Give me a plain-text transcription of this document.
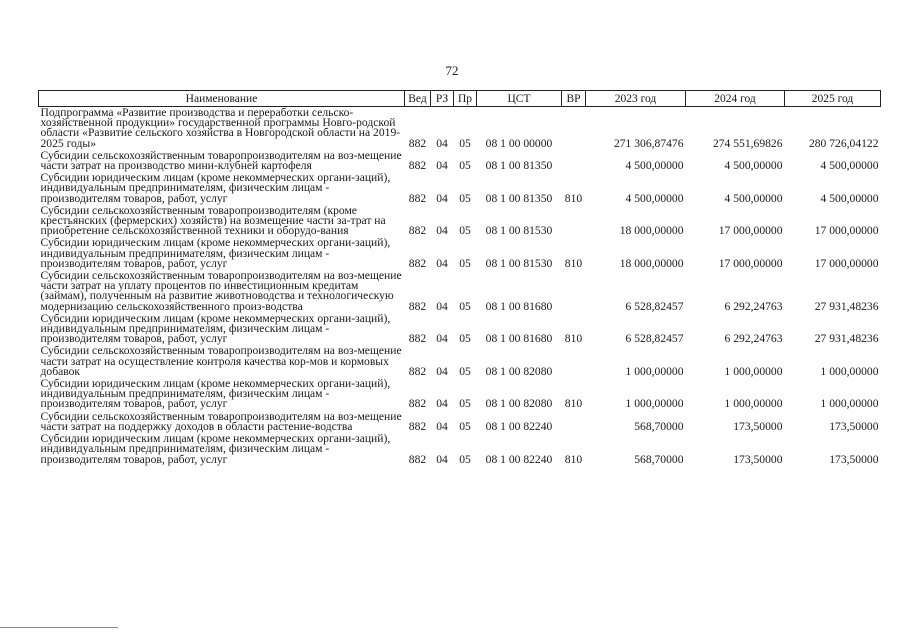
72
Наименование	Вед	РЗ	Пр	ЦСТ	ВР	2023 год	2024 год	2025 год
Подпрограмма «Развитие производства и переработки сельско-хозяйственной продукции» государственной программы Новго-родской области «Развитие сельского хозяйства в Новгородской области на 2019-2025 годы»	882	04	05	08 1 00 00000		271 306,87476	274 551,69826	280 726,04122
Субсидии сельскохозяйственным товаропроизводителям на воз-мещение части затрат на производство мини-клубней картофеля	882	04	05	08 1 00 81350		4 500,00000	4 500,00000	4 500,00000
Субсидии юридическим лицам (кроме некоммерческих органи-заций), индивидуальным предпринимателям, физическим лицам - производителям товаров, работ, услуг	882	04	05	08 1 00 81350	810	4 500,00000	4 500,00000	4 500,00000
Субсидии сельскохозяйственным товаропроизводителям (кроме крестьянских (фермерских) хозяйств) на возмещение части за-трат на приобретение сельскохозяйственной техники и оборудо-вания	882	04	05	08 1 00 81530		18 000,00000	17 000,00000	17 000,00000
Субсидии юридическим лицам (кроме некоммерческих органи-заций), индивидуальным предпринимателям, физическим лицам - производителям товаров, работ, услуг	882	04	05	08 1 00 81530	810	18 000,00000	17 000,00000	17 000,00000
Субсидии сельскохозяйственным товаропроизводителям на воз-мещение части затрат на уплату процентов по инвестиционным кредитам (займам), полученным на развитие животноводства и технологическую модернизацию сельскохозяйственного произ-водства	882	04	05	08 1 00 81680		6 528,82457	6 292,24763	27 931,48236
Субсидии юридическим лицам (кроме некоммерческих органи-заций), индивидуальным предпринимателям, физическим лицам - производителям товаров, работ, услуг	882	04	05	08 1 00 81680	810	6 528,82457	6 292,24763	27 931,48236
Субсидии сельскохозяйственным товаропроизводителям на воз-мещение части затрат на осуществление контроля качества кор-мов и кормовых добавок	882	04	05	08 1 00 82080		1 000,00000	1 000,00000	1 000,00000
Субсидии юридическим лицам (кроме некоммерческих органи-заций), индивидуальным предпринимателям, физическим лицам - производителям товаров, работ, услуг	882	04	05	08 1 00 82080	810	1 000,00000	1 000,00000	1 000,00000
Субсидии сельскохозяйственным товаропроизводителям на воз-мещение части затрат на поддержку доходов в области растение-водства	882	04	05	08 1 00 82240		568,70000	173,50000	173,50000
Субсидии юридическим лицам (кроме некоммерческих органи-заций), индивидуальным предпринимателям, физическим лицам - производителям товаров, работ, услуг	882	04	05	08 1 00 82240	810	568,70000	173,50000	173,50000
